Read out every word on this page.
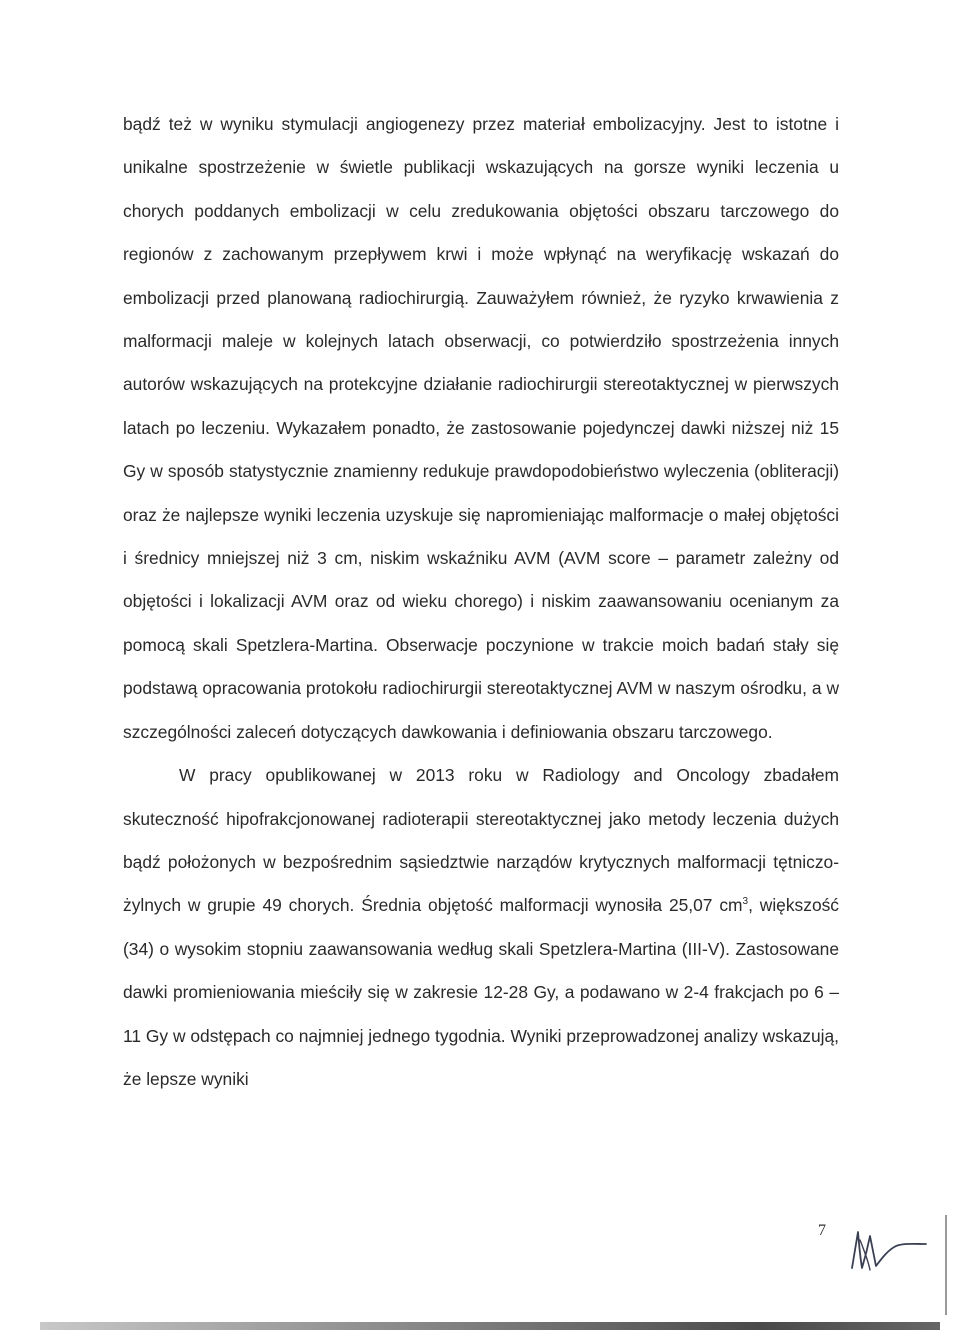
bądź też w wyniku stymulacji angiogenezy przez materiał embolizacyjny. Jest to istotne i unikalne spostrzeżenie w świetle publikacji wskazujących na gorsze wyniki leczenia u chorych poddanych embolizacji w celu zredukowania objętości obszaru tarczowego do regionów z zachowanym przepływem krwi i może wpłynąć na weryfikację wskazań do embolizacji przed planowaną radiochirurgią. Zauważyłem również, że ryzyko krwawienia z malformacji maleje w kolejnych latach obserwacji, co potwierdziło spostrzeżenia innych autorów wskazujących na protekcyjne działanie radiochirurgii stereotaktycznej w pierwszych latach po leczeniu. Wykazałem ponadto, że zastosowanie pojedynczej dawki niższej niż 15 Gy w sposób statystycznie znamienny redukuje prawdopodobieństwo wyleczenia (obliteracji) oraz że najlepsze wyniki leczenia uzyskuje się napromieniając malformacje o małej objętości i średnicy mniejszej niż 3 cm, niskim wskaźniku AVM (AVM score – parametr zależny od objętości i lokalizacji AVM oraz od wieku chorego) i niskim zaawansowaniu ocenianym za pomocą skali Spetzlera-Martina. Obserwacje poczynione w trakcie moich badań stały się podstawą opracowania protokołu radiochirurgii stereotaktycznej AVM w naszym ośrodku, a w szczególności zaleceń dotyczących dawkowania i definiowania obszaru tarczowego.

W pracy opublikowanej w 2013 roku w Radiology and Oncology zbadałem skuteczność hipofrakcjonowanej radioterapii stereotaktycznej jako metody leczenia dużych bądź położonych w bezpośrednim sąsiedztwie narządów krytycznych malformacji tętniczo-żylnych w grupie 49 chorych. Średnia objętość malformacji wynosiła 25,07 $cm^3$, większość (34) o wysokim stopniu zaawansowania według skali Spetzlera-Martina (III-V). Zastosowane dawki promieniowania mieściły się w zakresie 12-28 Gy, a podawano w 2-4 frakcjach po 6 – 11 Gy w odstępach co najmniej jednego tygodnia. Wyniki przeprowadzonej analizy wskazują, że lepsze wyniki

7
